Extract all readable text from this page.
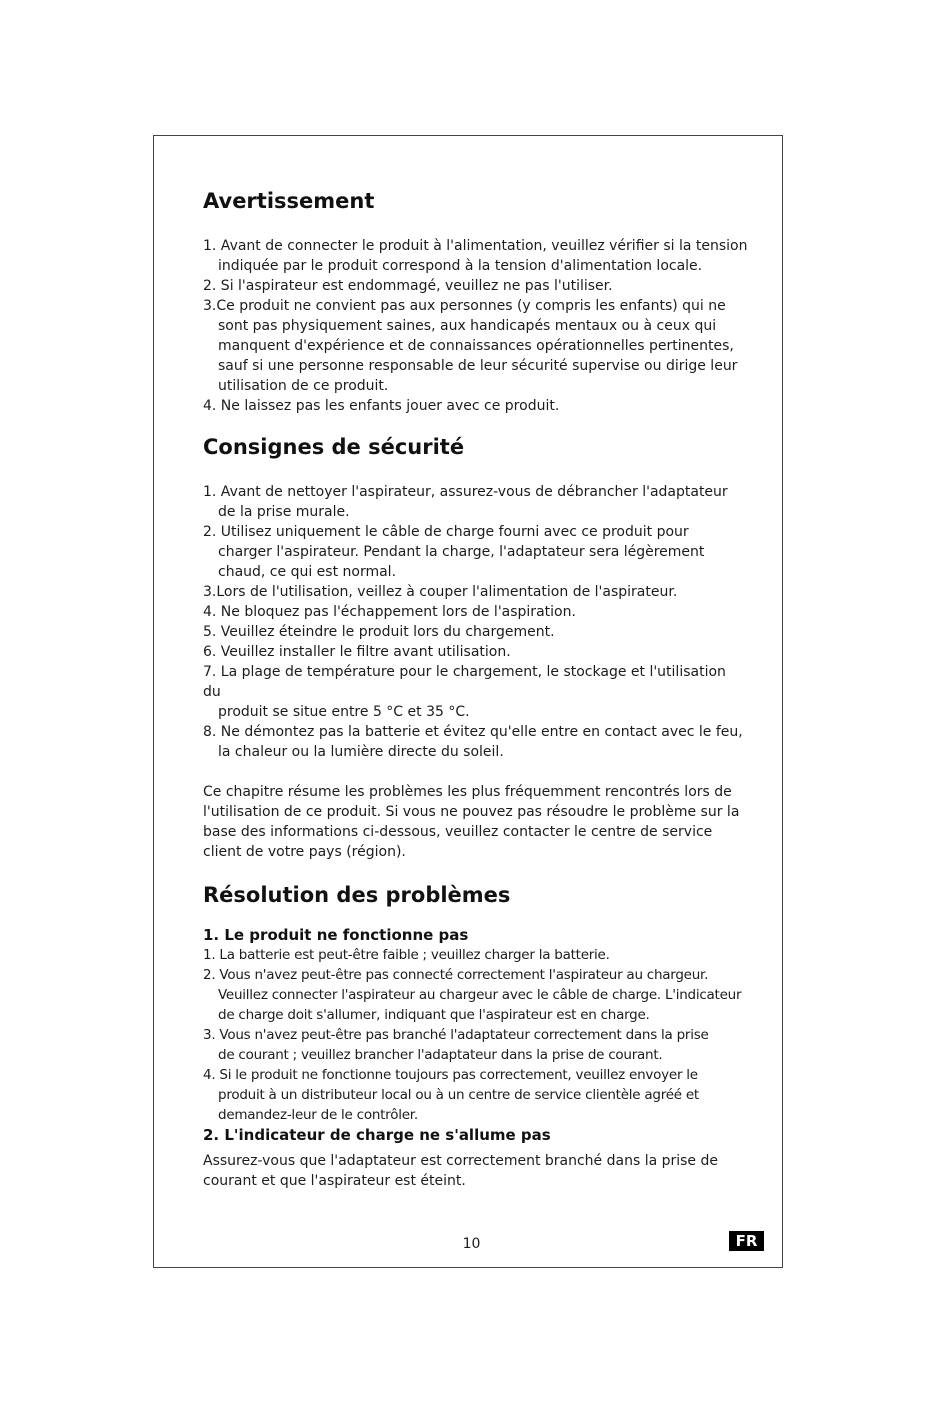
Avertissement
1. Avant de connecter le produit à l'alimentation, veuillez vérifier si la tension
indiquée par le produit correspond à la tension d'alimentation locale.
2. Si l'aspirateur est endommagé, veuillez ne pas l'utiliser.
3.Ce produit ne convient pas aux personnes (y compris les enfants) qui ne
sont pas physiquement saines, aux handicapés mentaux ou à ceux qui manquent d'expérience et de connaissances opérationnelles pertinentes, sauf si une personne responsable de leur sécurité supervise ou dirige leur utilisation de ce produit.
4. Ne laissez pas les enfants jouer avec ce produit.
Consignes de sécurité
1. Avant de nettoyer l'aspirateur, assurez-vous de débrancher l'adaptateur
de la prise murale.
2. Utilisez uniquement le câble de charge fourni avec ce produit pour
charger l'aspirateur. Pendant la charge, l'adaptateur sera légèrement chaud, ce qui est normal.
3.Lors de l'utilisation, veillez à couper l'alimentation de l'aspirateur.
4. Ne bloquez pas l'échappement lors de l'aspiration.
5. Veuillez éteindre le produit lors du chargement.
6. Veuillez installer le filtre avant utilisation.
7. La plage de température pour le chargement, le stockage et l'utilisation du
produit se situe entre 5 °C et 35 °C.
8. Ne démontez pas la batterie et évitez qu'elle entre en contact avec le feu,
la chaleur ou la lumière directe du soleil.

Ce chapitre résume les problèmes les plus fréquemment rencontrés lors de l'utilisation de ce produit. Si vous ne pouvez pas résoudre le problème sur la base des informations ci-dessous, veuillez contacter le centre de service client de votre pays (région).

Résolution des problèmes
1. Le produit ne fonctionne pas
1. La batterie est peut-être faible ; veuillez charger la batterie.
2. Vous n'avez peut-être pas connecté correctement l'aspirateur au chargeur.
Veuillez connecter l'aspirateur au chargeur avec le câble de charge. L'indicateur de charge doit s'allumer, indiquant que l'aspirateur est en charge.
3. Vous n'avez peut-être pas branché l'adaptateur correctement dans la prise
de courant ; veuillez brancher l'adaptateur dans la prise de courant.
4. Si le produit ne fonctionne toujours pas correctement, veuillez envoyer le
produit à un distributeur local ou à un centre de service clientèle agréé et demandez-leur de le contrôler.
2. L'indicateur de charge ne s'allume pas

Assurez-vous que l'adaptateur est correctement branché dans la prise de courant et que l'aspirateur est éteint.

10	FR
